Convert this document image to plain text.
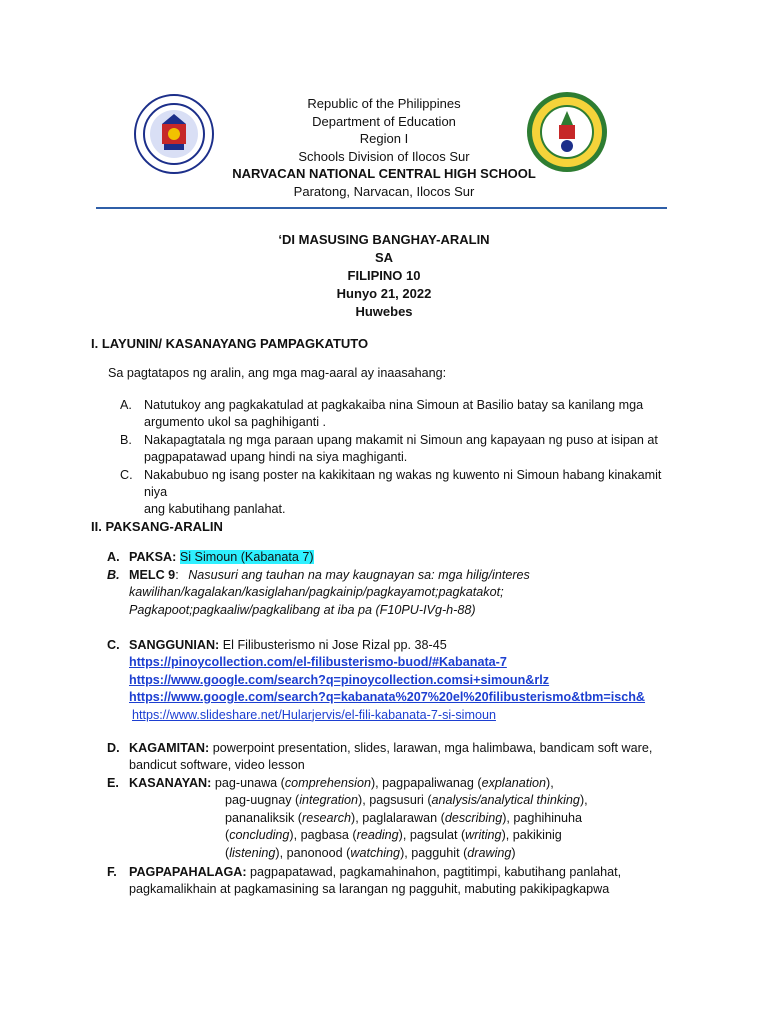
Republic of the Philippines
Department of Education
Region I
Schools Division of Ilocos Sur
NARVACAN NATIONAL CENTRAL HIGH SCHOOL
Paratong, Narvacan, Ilocos Sur
‘DI MASUSING BANGHAY-ARALIN
SA
FILIPINO 10
Hunyo 21, 2022
Huwebes
I. LAYUNIN/ KASANAYANG PAMPAGKATUTO
Sa pagtatapos ng aralin, ang mga mag-aaral ay inaasahang:
A. Natutukoy ang pagkakatulad at pagkakaiba nina Simoun at Basilio batay sa kanilang mga
argumento ukol sa paghihiganti .
B. Nakapagtatala ng mga paraan upang makamit ni Simoun ang kapayaan ng puso at isipan at
pagpapatawad upang hindi na siya maghiganti.
C. Nakabubuo ng isang poster na kakikitaan ng wakas ng kuwento ni Simoun habang kinakamit niya
ang kabutihang panlahat.
II. PAKSANG-ARALIN
A. PAKSA: Si Simoun (Kabanata 7)
B. MELC 9: Nasusuri ang tauhan na may kaugnayan sa: mga hilig/interes
kawilihan/kagalakan/kasiglahan/pagkainip/pagkayamot;pagkatakot;
Pagkapoot;pagkaaliw/pagkalibang at iba pa (F10PU-IVg-h-88)
C. SANGGUNIAN: El Filibusterismo ni Jose Rizal pp. 38-45
https://pinoycollection.com/el-filibusterismo-buod/#Kabanata-7
https://www.google.com/search?q=pinoycollection.comsi+simoun&rlz
https://www.google.com/search?q=kabanata%207%20el%20filibusterismo&tbm=isch&
https://www.slideshare.net/Hularjervis/el-fili-kabanata-7-si-simoun
D. KAGAMITAN: powerpoint presentation, slides, larawan, mga halimbawa, bandicam soft ware,
bandicut software, video lesson
E. KASANAYAN: pag-unawa (comprehension), pagpapaliwanag (explanation),
pag-uugnay (integration), pagsusuri (analysis/analytical thinking),
pananaliksik (research), paglalarawan (describing), paghihinuha
(concluding), pagbasa (reading), pagsulat (writing), pakikinig
(listening), panonood (watching), pagguhit (drawing)
F. PAGPAPAHALAGA: pagpapatawad, pagkamahinahon, pagtitimpi, kabutihang panlahat,
pagkamalikhain at pagkamasining sa larangan ng pagguhit, mabuting pakikipagkapwa
